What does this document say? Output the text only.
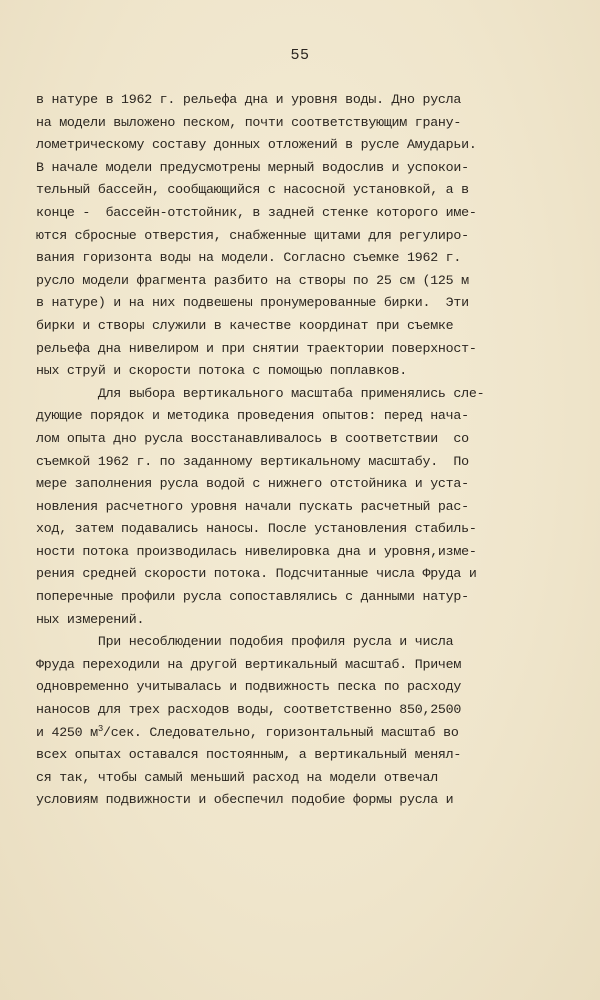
55
в натуре в 1962 г. рельефа дна и уровня воды. Дно русла
на модели выложено песком, почти соответствующим грану-
лометрическому составу донных отложений в русле Амударьи.
В начале модели предусмотрены мерный водослив и успокои-
тельный бассейн, сообщающийся с насосной установкой, а в
конце -  бассейн-отстойник, в задней стенке которого име-
ются сбросные отверстия, снабженные щитами для регулиро-
вания горизонта воды на модели. Согласно съемке 1962 г.
русло модели фрагмента разбито на створы по 25 см (125 м
в натуре) и на них подвешены пронумерованные бирки.  Эти
бирки и створы служили в качестве координат при съемке
рельефа дна нивелиром и при снятии траектории поверхност-
ных струй и скорости потока с помощью поплавков.
Для выбора вертикального масштаба применялись сле-
дующие порядок и методика проведения опытов: перед нача-
лом опыта дно русла восстанавливалось в соответствии  со
съемкой 1962 г. по заданному вертикальному масштабу.  По
мере заполнения русла водой с нижнего отстойника и уста-
новления расчетного уровня начали пускать расчетный рас-
ход, затем подавались наносы. После установления стабиль-
ности потока производилась нивелировка дна и уровня,изме-
рения средней скорости потока. Подсчитанные числа Фруда и
поперечные профили русла сопоставлялись с данными натур-
ных измерений.
При несоблюдении подобия профиля русла и числа
Фруда переходили на другой вертикальный масштаб. Причем
одновременно учитывалась и подвижность песка по расходу
наносов для трех расходов воды, соответственно 850,2500
и 4250 $м^3$/сек. Следовательно, горизонтальный масштаб во
всех опытах оставался постоянным, а вертикальный менял-
ся так, чтобы самый меньший расход на модели отвечал
условиям подвижности и обеспечил подобие формы русла и
